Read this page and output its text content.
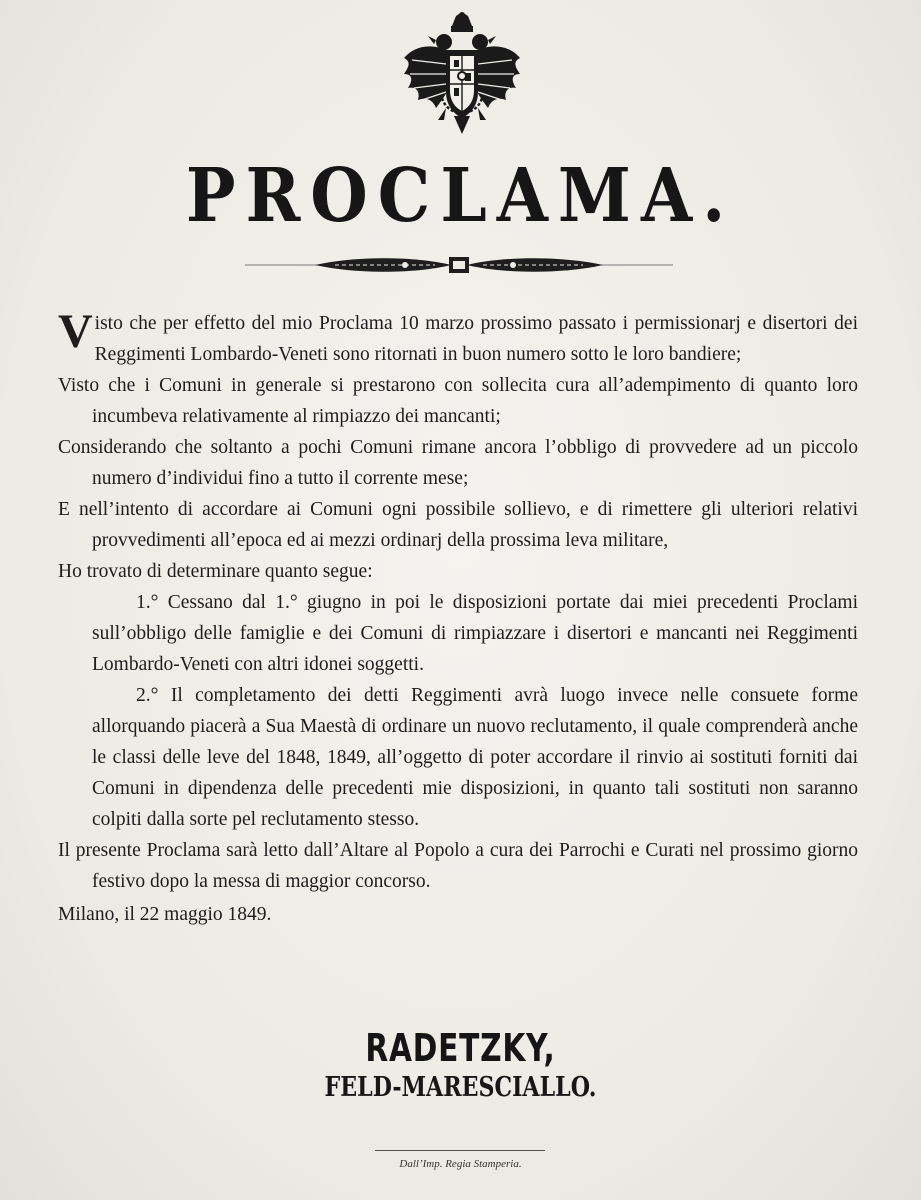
PROCLAMA.

Visto che per effetto del mio Proclama 10 marzo prossimo passato i permissionarj e disertori dei Reggimenti Lombardo-Veneti sono ritornati in buon numero sotto le loro bandiere;

Visto che i Comuni in generale si prestarono con sollecita cura all’adempimento di quanto loro incumbeva relativamente al rimpiazzo dei mancanti;

Considerando che soltanto a pochi Comuni rimane ancora l’obbligo di provvedere ad un piccolo numero d’individui fino a tutto il corrente mese;

E nell’intento di accordare ai Comuni ogni possibile sollievo, e di rimettere gli ulteriori relativi provvedimenti all’epoca ed ai mezzi ordinarj della prossima leva militare,

Ho trovato di determinare quanto segue:

1.° Cessano dal 1.° giugno in poi le disposizioni portate dai miei precedenti Proclami sull’obbligo delle famiglie e dei Comuni di rimpiazzare i disertori e mancanti nei Reggimenti Lombardo-Veneti con altri idonei soggetti.

2.° Il completamento dei detti Reggimenti avrà luogo invece nelle consuete forme allorquando piacerà a Sua Maestà di ordinare un nuovo reclutamento, il quale comprenderà anche le classi delle leve del 1848, 1849, all’oggetto di poter accordare il rinvio ai sostituti forniti dai Comuni in dipendenza delle precedenti mie disposizioni, in quanto tali sostituti non saranno colpiti dalla sorte pel reclutamento stesso.

Il presente Proclama sarà letto dall’Altare al Popolo a cura dei Parrochi e Curati nel prossimo giorno festivo dopo la messa di maggior concorso.

Milano, il 22 maggio 1849.

RADETZKY,
FELD-MARESCIALLO.
Dall’Imp. Regia Stamperia.
